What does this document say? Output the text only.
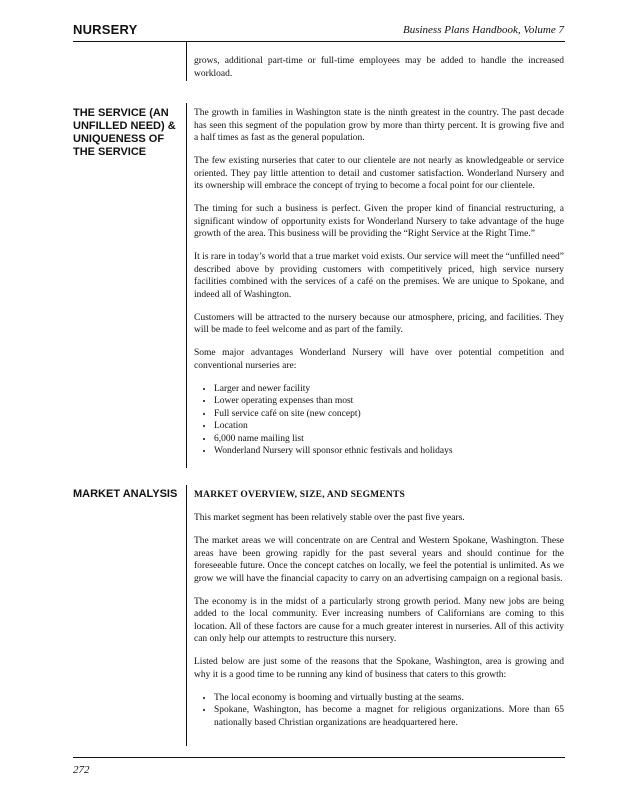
NURSERY	Business Plans Handbook, Volume 7

grows, additional part-time or full-time employees may be added to handle the increased workload.

THE SERVICE (AN UNFILLED NEED) & UNIQUENESS OF THE SERVICE

The growth in families in Washington state is the ninth greatest in the country. The past decade has seen this segment of the population grow by more than thirty percent. It is growing five and a half times as fast as the general population.

The few existing nurseries that cater to our clientele are not nearly as knowledgeable or service oriented. They pay little attention to detail and customer satisfaction. Wonderland Nursery and its ownership will embrace the concept of trying to become a focal point for our clientele.

The timing for such a business is perfect. Given the proper kind of financial restructuring, a significant window of opportunity exists for Wonderland Nursery to take advantage of the huge growth of the area. This business will be providing the “Right Service at the Right Time.”

It is rare in today’s world that a true market void exists. Our service will meet the “unfilled need” described above by providing customers with competitively priced, high service nursery facilities combined with the services of a café on the premises. We are unique to Spokane, and indeed all of Washington.

Customers will be attracted to the nursery because our atmosphere, pricing, and facilities. They will be made to feel welcome and as part of the family.

Some major advantages Wonderland Nursery will have over potential competition and conventional nurseries are:

• Larger and newer facility
• Lower operating expenses than most
• Full service café on site (new concept)
• Location
• 6,000 name mailing list
• Wonderland Nursery will sponsor ethnic festivals and holidays
MARKET ANALYSIS	MARKET OVERVIEW, SIZE, AND SEGMENTS

This market segment has been relatively stable over the past five years.

The market areas we will concentrate on are Central and Western Spokane, Washington. These areas have been growing rapidly for the past several years and should continue for the foreseeable future. Once the concept catches on locally, we feel the potential is unlimited. As we grow we will have the financial capacity to carry on an advertising campaign on a regional basis.

The economy is in the midst of a particularly strong growth period. Many new jobs are being added to the local community. Ever increasing numbers of Californians are coming to this location. All of these factors are cause for a much greater interest in nurseries. All of this activity can only help our attempts to restructure this nursery.

Listed below are just some of the reasons that the Spokane, Washington, area is growing and why it is a good time to be running any kind of business that caters to this growth:

• The local economy is booming and virtually busting at the seams.
• Spokane, Washington, has become a magnet for religious organizations. More than 65 nationally based Christian organizations are headquartered here.
272
